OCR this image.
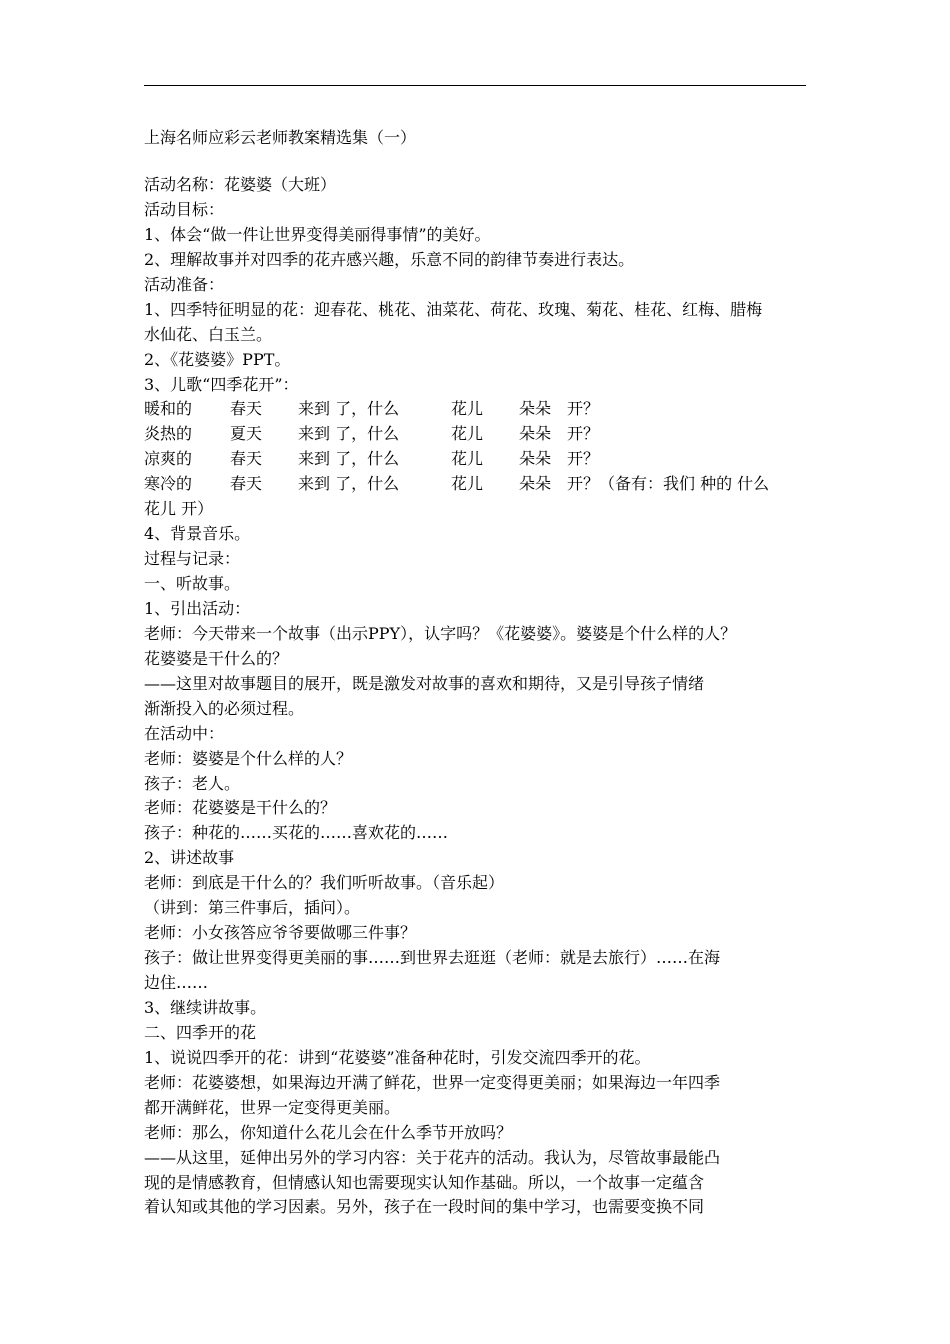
上海名师应彩云老师教案精选集（一）
活动名称：花婆婆（大班）
活动目标：
1、体会“做一件让世界变得美丽得事情”的美好。
2、理解故事并对四季的花卉感兴趣，乐意不同的韵律节奏进行表达。
活动准备：
1、四季特征明显的花：迎春花、桃花、油菜花、荷花、玫瑰、菊花、桂花、红梅、腊梅
水仙花、白玉兰。
2、《花婆婆》PPT。
3、儿歌“四季花开”：
暖和的 春天 来到 了，什么	花儿 朵朵 开？
炎热的 夏天 来到 了，什么	花儿 朵朵 开？
凉爽的 春天 来到 了，什么	花儿 朵朵 开？
寒冷的 春天 来到 了，什么	花儿 朵朵 开？（备有：我们 种的 什么
花儿 开）
4、背景音乐。
过程与记录：
一、听故事。
1、引出活动：
老师：今天带来一个故事（出示PPY），认字吗？《花婆婆》。婆婆是个什么样的人？
花婆婆是干什么的？
——这里对故事题目的展开，既是激发对故事的喜欢和期待，又是引导孩子情绪
渐渐投入的必须过程。
在活动中：
老师：婆婆是个什么样的人？
孩子：老人。
老师：花婆婆是干什么的？
孩子：种花的……买花的……喜欢花的……
2、讲述故事
老师：到底是干什么的？我们听听故事。（音乐起）
（讲到：第三件事后，插问）。
老师：小女孩答应爷爷要做哪三件事？
孩子：做让世界变得更美丽的事……到世界去逛逛（老师：就是去旅行）……在海
边住……
3、继续讲故事。
二、四季开的花
1、说说四季开的花：讲到“花婆婆”准备种花时，引发交流四季开的花。
老师：花婆婆想，如果海边开满了鲜花，世界一定变得更美丽；如果海边一年四季
都开满鲜花，世界一定变得更美丽。
老师：那么，你知道什么花儿会在什么季节开放吗？
——从这里，延伸出另外的学习内容：关于花卉的活动。我认为，尽管故事最能凸
现的是情感教育，但情感认知也需要现实认知作基础。所以，一个故事一定蕴含
着认知或其他的学习因素。另外，孩子在一段时间的集中学习，也需要变换不同
